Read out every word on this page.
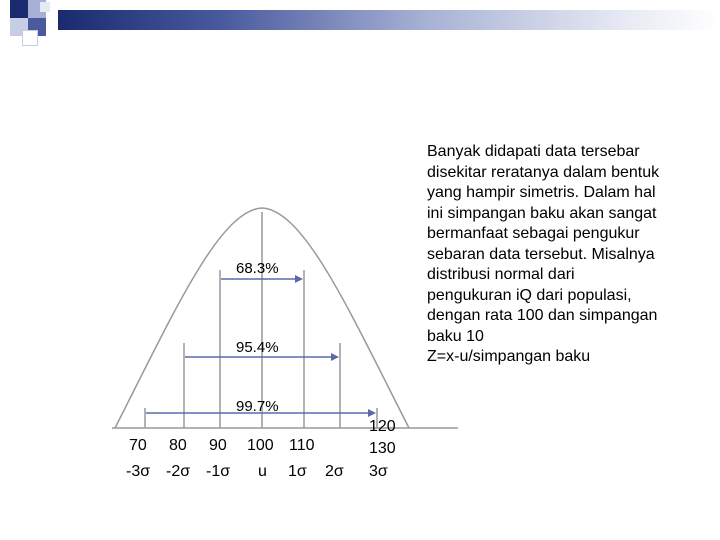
68.3%
95.4%
99.7%
70 80 90 100 110
120
130
-3σ -2σ -1σ u 1σ 2σ 3σ

Banyak didapati data tersebar
disekitar reratanya dalam bentuk
yang hampir simetris. Dalam hal
ini simpangan baku akan sangat
bermanfaat sebagai pengukur
sebaran data tersebut. Misalnya
distribusi normal dari
pengukuran iQ dari populasi,
dengan rata 100 dan simpangan
baku 10
Z=x-u/simpangan baku
